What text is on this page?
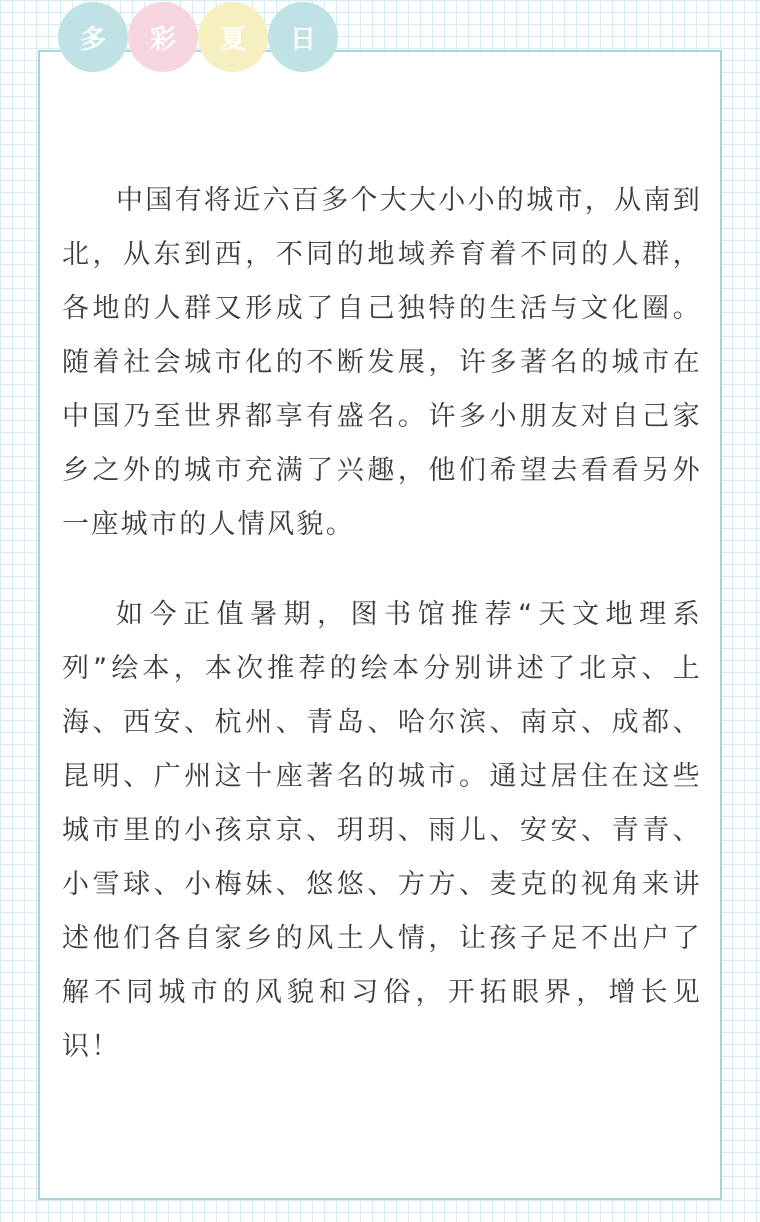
中国有将近六百多个大大小小的城市，从南到北，从东到西，不同的地域养育着不同的人群，各地的人群又形成了自己独特的生活与文化圈。随着社会城市化的不断发展，许多著名的城市在中国乃至世界都享有盛名。许多小朋友对自己家乡之外的城市充满了兴趣，他们希望去看看另外一座城市的人情风貌。

如今正值暑期，图书馆推荐“天文地理系列”绘本，本次推荐的绘本分别讲述了北京、上海、西安、杭州、青岛、哈尔滨、南京、成都、昆明、广州这十座著名的城市。通过居住在这些城市里的小孩京京、玥玥、雨儿、安安、青青、小雪球、小梅妹、悠悠、方方、麦克的视角来讲述他们各自家乡的风土人情，让孩子足不出户了解不同城市的风貌和习俗，开拓眼界，增长见识！

多	彩	夏	日
